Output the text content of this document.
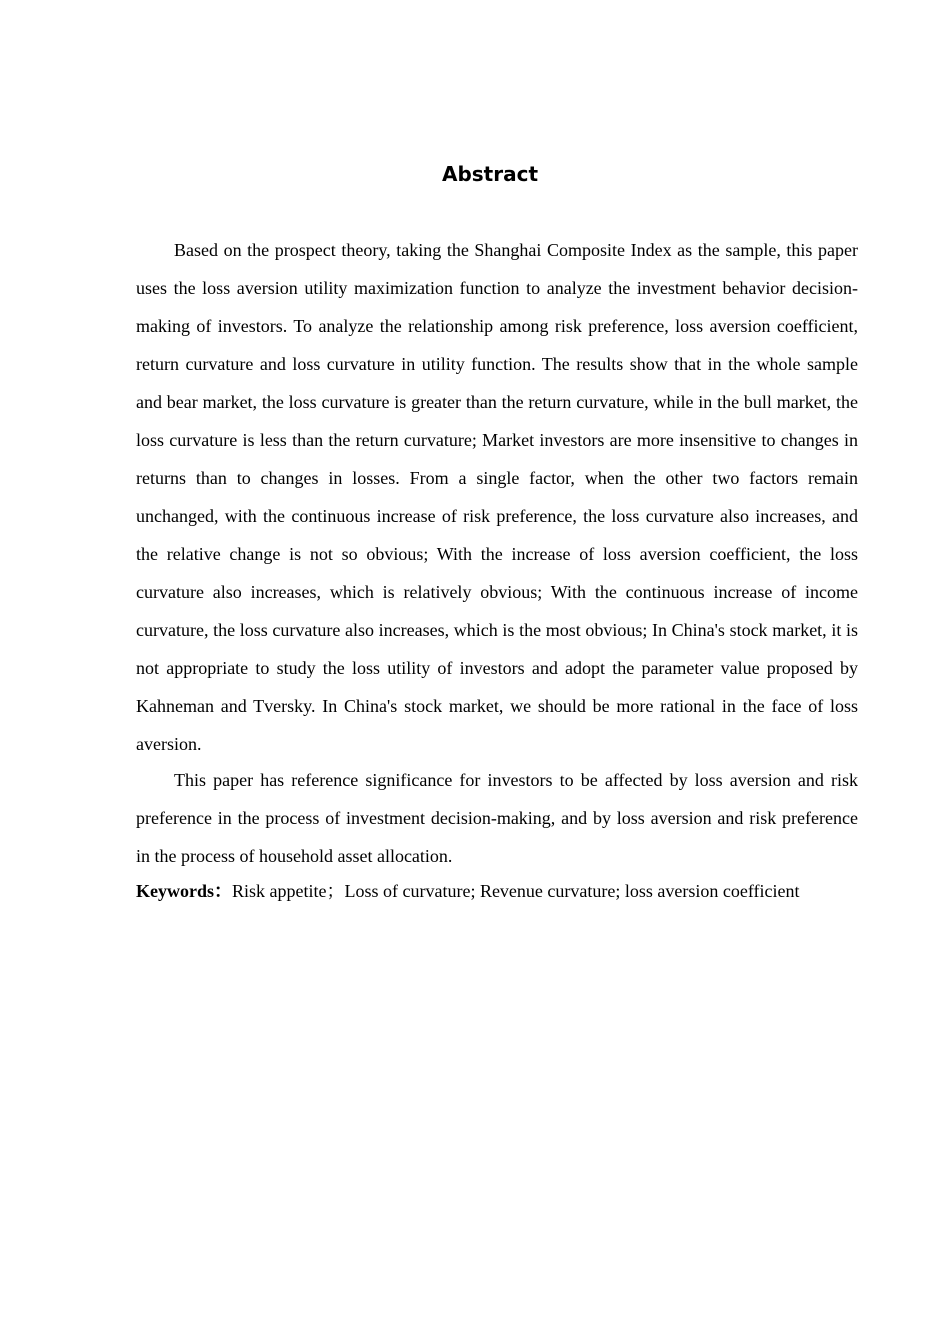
Abstract

Based on the prospect theory, taking the Shanghai Composite Index as the sample, this paper uses the loss aversion utility maximization function to analyze the investment behavior decision-making of investors. To analyze the relationship among risk preference, loss aversion coefficient, return curvature and loss curvature in utility function. The results show that in the whole sample and bear market, the loss curvature is greater than the return curvature, while in the bull market, the loss curvature is less than the return curvature; Market investors are more insensitive to changes in returns than to changes in losses. From a single factor, when the other two factors remain unchanged, with the continuous increase of risk preference, the loss curvature also increases, and the relative change is not so obvious; With the increase of loss aversion coefficient, the loss curvature also increases, which is relatively obvious; With the continuous increase of income curvature, the loss curvature also increases, which is the most obvious; In China's stock market, it is not appropriate to study the loss utility of investors and adopt the parameter value proposed by Kahneman and Tversky. In China's stock market, we should be more rational in the face of loss aversion.

This paper has reference significance for investors to be affected by loss aversion and risk preference in the process of investment decision-making, and by loss aversion and risk preference in the process of household asset allocation.

Keywords：Risk appetite；Loss of curvature; Revenue curvature; loss aversion coefficient
